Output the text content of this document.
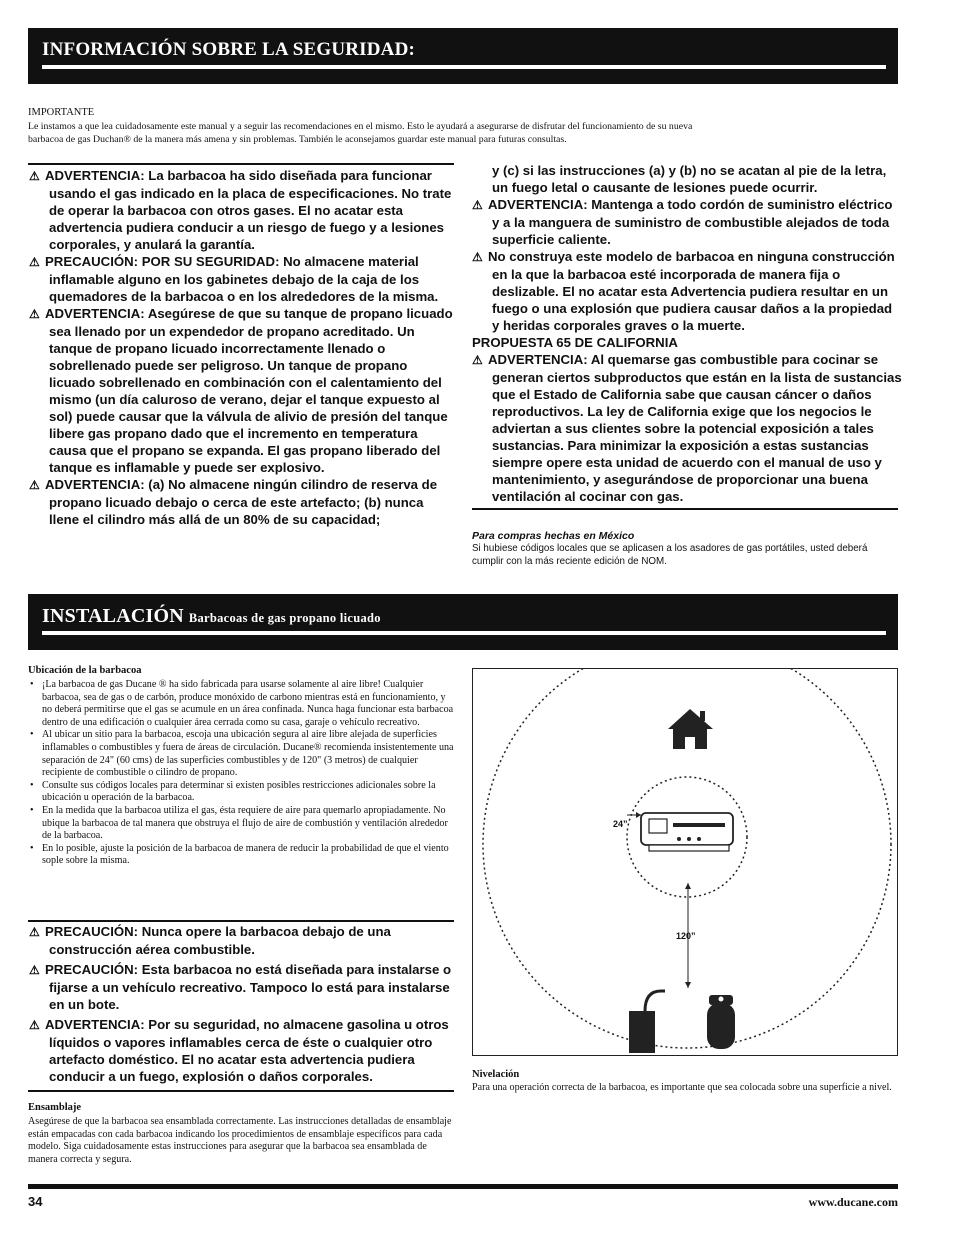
INFORMACIÓN SOBRE LA SEGURIDAD:
IMPORTANTE
Le instamos a que lea cuidadosamente este manual y a seguir las recomendaciones en el mismo. Esto le ayudará a asegurarse de disfrutar del funcionamiento de su nueva
barbacoa de gas Duchan® de la manera más amena y sin problemas. También le aconsejamos guardar este manual para futuras consultas.

⚠ ADVERTENCIA: La barbacoa ha sido diseñada para funcionar usando el gas indicado en la placa de especificaciones. No trate de operar la barbacoa con otros gases. El no acatar esta advertencia pudiera conducir a un riesgo de fuego y a lesiones corporales, y anulará la garantía.

⚠ PRECAUCIÓN: POR SU SEGURIDAD: No almacene material inflamable alguno en los gabinetes debajo de la caja de los quemadores de la barbacoa o en los alrededores de la misma.

⚠ ADVERTENCIA: Asegúrese de que su tanque de propano licuado sea llenado por un expendedor de propano acreditado. Un tanque de propano licuado incorrectamente llenado o sobrellenado puede ser peligroso. Un tanque de propano licuado sobrellenado en combinación con el calentamiento del mismo (un día caluroso de verano, dejar el tanque expuesto al sol) puede causar que la válvula de alivio de presión del tanque libere gas propano dado que el incremento en temperatura causa que el propano se expanda. El gas propano liberado del tanque es inflamable y puede ser explosivo.

⚠ ADVERTENCIA: (a) No almacene ningún cilindro de reserva de propano licuado debajo o cerca de este artefacto; (b) nunca llene el cilindro más allá de un 80% de su capacidad;

y (c) si las instrucciones (a) y (b) no se acatan al pie de la letra, un fuego letal o causante de lesiones puede ocurrir.

⚠ ADVERTENCIA: Mantenga a todo cordón de suministro eléctrico y a la manguera de suministro de combustible alejados de toda superficie caliente.

⚠ No construya este modelo de barbacoa en ninguna construcción en la que la barbacoa esté incorporada de manera fija o deslizable. El no acatar esta Advertencia pudiera resultar en un fuego o una explosión que pudiera causar daños a la propiedad y heridas corporales graves o la muerte.

PROPUESTA 65 DE CALIFORNIA

⚠ ADVERTENCIA: Al quemarse gas combustible para cocinar se generan ciertos subproductos que están en la lista de sustancias que el Estado de California sabe que causan cáncer o daños reproductivos. La ley de California exige que los negocios le adviertan a sus clientes sobre la potencial exposición a tales sustancias. Para minimizar la exposición a estas sustancias siempre opere esta unidad de acuerdo con el manual de uso y mantenimiento, y asegurándose de proporcionar una buena ventilación al cocinar con gas.

Para compras hechas en México
Si hubiese códigos locales que se aplicasen a los asadores de gas portátiles, usted deberá cumplir con la más reciente edición de NOM.
INSTALACIÓN Barbacoas de gas propano licuado
Ubicación de la barbacoa
• ¡La barbacoa de gas Ducane ® ha sido fabricada para usarse solamente al aire libre! Cualquier barbacoa, sea de gas o de carbón, produce monóxido de carbono mientras está en funcionamiento, y no deberá permitirse que el gas se acumule en un área confinada. Nunca haga funcionar esta barbacoa dentro de una edificación o cualquier área cerrada como su casa, garaje o vehículo recreativo.
• Al ubicar un sitio para la barbacoa, escoja una ubicación segura al aire libre alejada de superficies inflamables o combustibles y fuera de áreas de circulación. Ducane® recomienda insistentemente una separación de 24" (60 cms) de las superficies combustibles y de 120" (3 metros) de cualquier recipiente de combustible o cilindro de propano.
• Consulte sus códigos locales para determinar si existen posibles restricciones adicionales sobre la ubicación u operación de la barbacoa.
• En la medida que la barbacoa utiliza el gas, ésta requiere de aire para quemarlo apropiadamente. No ubique la barbacoa de tal manera que obstruya el flujo de aire de combustión y ventilación alrededor de la barbacoa.
• En lo posible, ajuste la posición de la barbacoa de manera de reducir la probabilidad de que el viento sople sobre la misma.

⚠ PRECAUCIÓN: Nunca opere la barbacoa debajo de una construcción aérea combustible.

⚠ PRECAUCIÓN: Esta barbacoa no está diseñada para instalarse o fijarse a un vehículo recreativo. Tampoco lo está para instalarse en un bote.

⚠ ADVERTENCIA: Por su seguridad, no almacene gasolina u otros líquidos o vapores inflamables cerca de éste o cualquier otro artefacto doméstico. El no acatar esta advertencia pudiera conducir a un fuego, explosión o daños corporales.

Ensamblaje
Asegúrese de que la barbacoa sea ensamblada correctamente. Las instrucciones detalladas de ensamblaje están empacadas con cada barbacoa indicando los procedimientos de ensamblaje específicos para cada modelo. Siga cuidadosamente estas instrucciones para asegurar que la barbacoa sea ensamblada de manera correcta y segura.
24”
120”
Nivelación
Para una operación correcta de la barbacoa, es importante que sea colocada sobre una superficie a nivel.
34	www.ducane.com
